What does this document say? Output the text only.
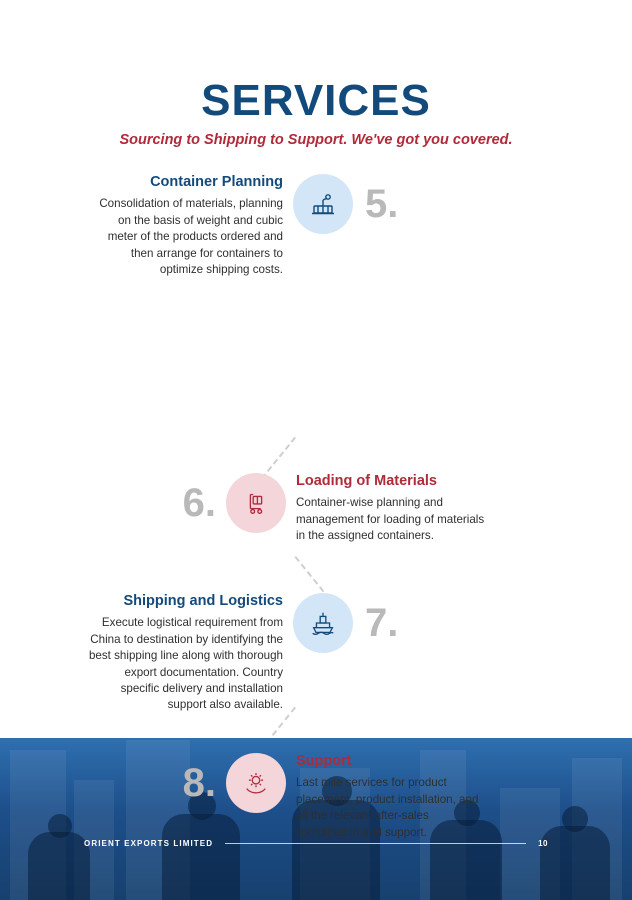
SERVICES
Sourcing to Shipping to Support. We've got you covered.
Container Planning
Consolidation of materials, planning on the basis of weight and cubic meter of the products ordered and then arrange for containers to optimize shipping costs.
5.
6.	Loading of Materials
Container-wise planning and management for loading of materials in the assigned containers.
Shipping and Logistics
Execute logistical requirement from China to destination by identifying the best shipping line along with thorough export documentation. Country specific delivery and installation support also available.
7.
8.	Support
Last mile services for product placement, product installation, and all the relevant after-sales coordination and support.
ORIENT EXPORTS LIMITED	10
